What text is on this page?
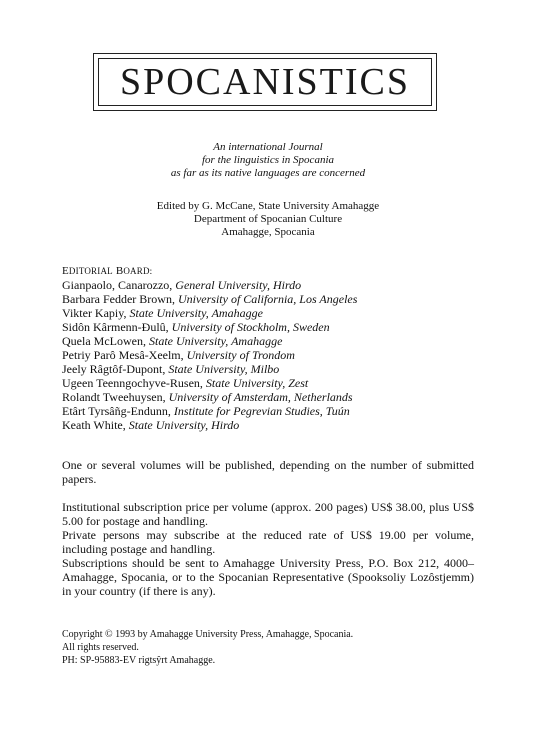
SPOCANISTICS
An international Journal
for the linguistics in Spocania
as far as its native languages are concerned
Edited by G. McCane, State University Amahagge
Department of Spocanian Culture
Amahagge, Spocania
EDITORIAL BOARD:
Gianpaolo, Canarozzo, General University, Hirdo
Barbara Fedder Brown, University of California, Los Angeles
Vikter Kapiy, State University, Amahagge
Sidôn Kârmenn-Ðulû, University of Stockholm, Sweden
Quela McLowen, State University, Amahagge
Petriy Parô Mesâ-Xeelm, University of Trondom
Jeely Râgtôf-Dupont, State University, Milbo
Ugeen Teenngochyve-Rusen, State University, Zest
Rolandt Tweehuysen, University of Amsterdam, Netherlands
Etârt Tyrsâñg-Endunn, Institute for Pegrevian Studies, Tuún
Keath White, State University, Hirdo
One or several volumes will be published, depending on the number of submitted papers.
Institutional subscription price per volume (approx. 200 pages) US$ 38.00, plus US$ 5.00 for postage and handling.
Private persons may subscribe at the reduced rate of US$ 19.00 per volume, including postage and handling.
Subscriptions should be sent to Amahagge University Press, P.O. Box 212, 4000–Amahagge, Spocania, or to the Spocanian Representative (Spooksoliy Lozôstjemm) in your country (if there is any).
Copyright © 1993 by Amahagge University Press, Amahagge, Spocania.
All rights reserved.
PH: SP-95883-EV rigtsŷrt Amahagge.
